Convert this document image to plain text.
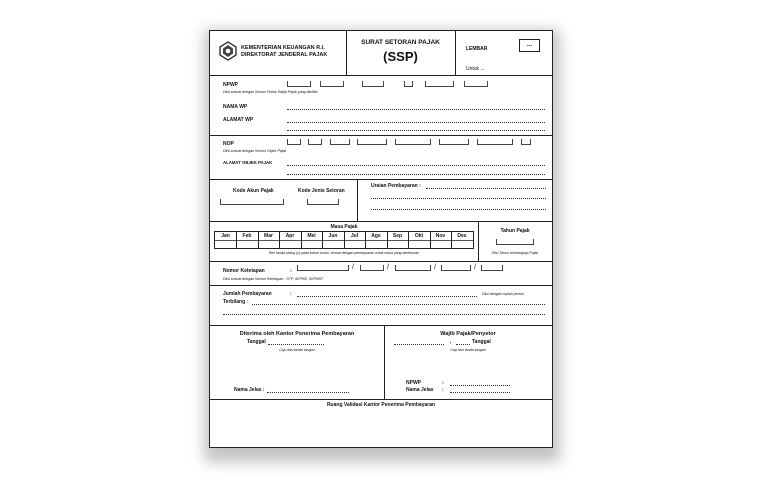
KEMENTERIAN KEUANGAN R.I.
DIREKTORAT JENDERAL PAJAK
SURAT SETORAN PAJAK
(SSP)	LEMBAR
...
Untuk ...
NPWP
Diisi sesuai dengan Nomor Pokok Wajib Pajak yang dimiliki
NAMA WP
ALAMAT WP
NOP
Diisi sesuai dengan Nomor Objek Pajak
ALAMAT OBJEK PAJAK
Kode Akun Pajak	Kode Jenis Setoran
Uraian Pembayaran :
Masa Pajak
Jan	Feb	Mar	Apr	Mei	Jun	Jul	Ags	Sep	Okt	Nov	Des
Beri tanda silang (x) pada kolom bulan, sesuai dengan pembayaran untuk masa yang berkenaan
Tahun Pajak
Diisi Tahun terutangnya Pajak
Nomor Ketetapan	:	/	/	/	/
Diisi sesuai dengan Nomor Ketetapan : STP, SKPKB, SKPKBT
Jumlah Pembayaran	:	Diisi dengan rupiah penuh
Terbilang :
Diterima oleh Kantor Penerima Pembayaran
Tanggal
Cap dan tanda tangan
Nama Jelas :
Wajib Pajak/Penyetor
,	Tanggal
Cap dan tanda tangan
NPWP	:
Nama Jelas :
Ruang Validasi Kantor Penerima Pembayaran
